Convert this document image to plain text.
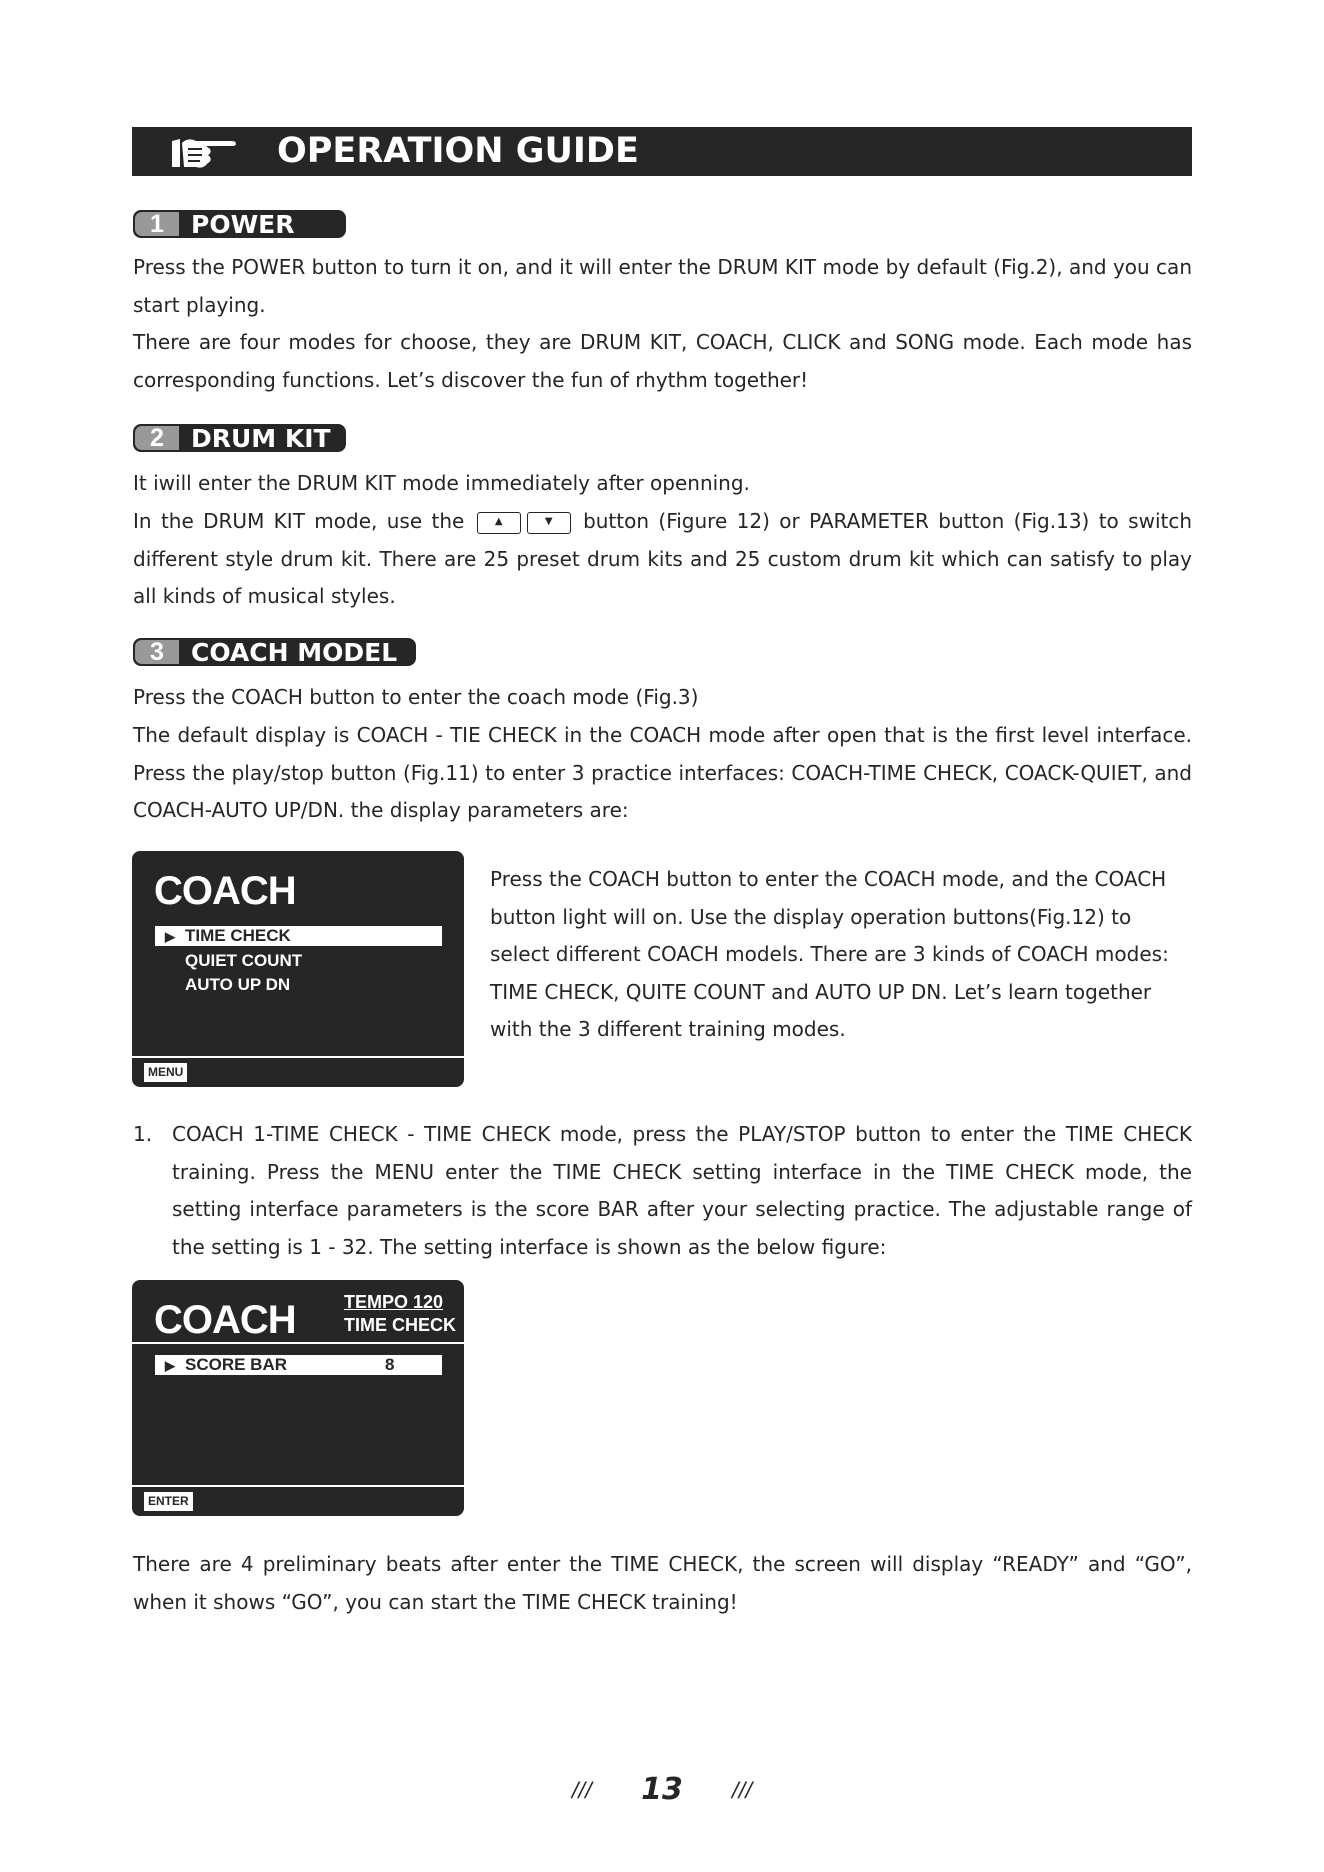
OPERATION GUIDE
1	POWER
Press the POWER button to turn it on, and it will enter the DRUM KIT mode by default (Fig.2), and you can start playing.
There are four modes for choose, they are DRUM KIT, COACH, CLICK and SONG mode. Each mode has corresponding functions. Let’s discover the fun of rhythm together!
2	DRUM KIT
It iwill enter the DRUM KIT mode immediately after openning.
In the DRUM KIT mode, use the	▲	▼ button (Figure 12) or PARAMETER button (Fig.13) to switch different style drum kit. There are 25 preset drum kits and 25 custom drum kit which can satisfy to play all kinds of musical styles.
3	COACH MODEL
Press the COACH button to enter the coach mode (Fig.3)
The default display is COACH - TIE CHECK in the COACH mode after open that is the first level interface. Press the play/stop button (Fig.11) to enter 3 practice interfaces: COACH-TIME CHECK, COACK-QUIET, and COACH-AUTO UP/DN. the display parameters are:
COACH
▶ TIME CHECK
QUIET COUNT
AUTO UP DN
MENU
Press the COACH button to enter the COACH mode, and the COACH button light will on. Use the display operation buttons(Fig.12) to select different COACH models. There are 3 kinds of COACH modes: TIME CHECK, QUITE COUNT and AUTO UP DN. Let’s learn together with the 3 different training modes.
1. COACH 1-TIME CHECK - TIME CHECK mode, press the PLAY/STOP button to enter the TIME CHECK training. Press the MENU enter the TIME CHECK setting interface in the TIME CHECK mode, the setting interface parameters is the score BAR after your selecting practice. The adjustable range of the setting is 1 - 32. The setting interface is shown as the below figure:
COACH	TEMPO 120
TIME CHECK
▶ SCORE BAR	8
ENTER
There are 4 preliminary beats after enter the TIME CHECK, the screen will display “READY” and “GO”, when it shows “GO”, you can start the TIME CHECK training!
/// 13 ///
